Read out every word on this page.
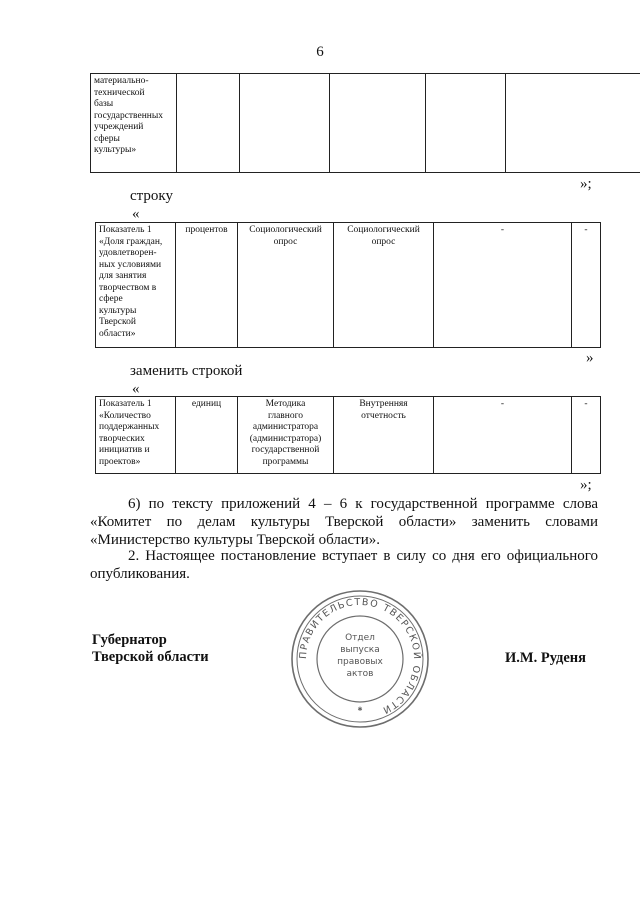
6
материально-
технической
базы
государственных
учреждений
сферы
культуры»						
»;
строку
«
Показатель 1
«Доля граждан,
удовлетворен-
ных условиями
для занятия
творчеством в
сфере
культуры
Тверской
области»	процентов	Социологический
опрос	Социологический
опрос	-	-
»
заменить строкой
«
Показатель 1
«Количество
поддержанных
творческих
инициатив и
проектов»	единиц	Методика
главного
администратора
(администратора)
государственной
программы	Внутренняя
отчетность	-	-
»;
6) по тексту приложений 4 – 6 к государственной программе слова «Комитет по делам культуры Тверской области» заменить словами «Министерство культуры Тверской области».
2. Настоящее постановление вступает в силу со дня его официального опубликования.
Губернатор
Тверской области	И.М. Руденя
ПРАВИТЕЛЬСТВО ТВЕРСКОЙ ОБЛАСТИ
Отдел выпуска правовых актов
✱
